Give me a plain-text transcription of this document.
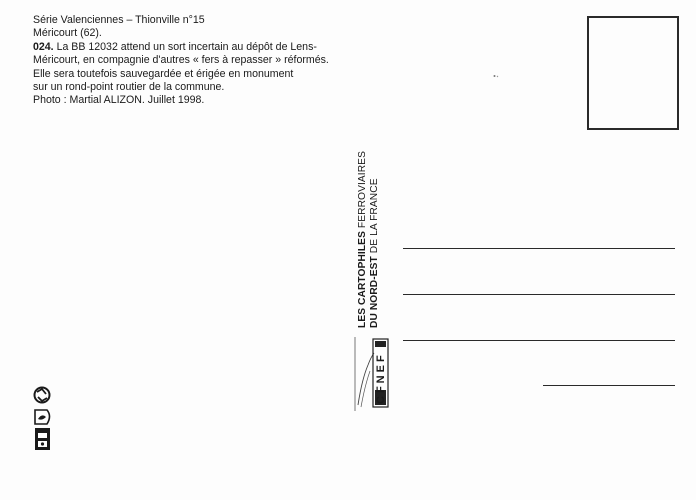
Série Valenciennes – Thionville n°15
Méricourt (62).
024. La BB 12032 attend un sort incertain au dépôt de Lens-
Méricourt, en compagnie d'autres « fers à repasser » réformés.
Elle sera toutefois sauvegardée et érigée en monument
sur un rond-point routier de la commune.
Photo : Martial ALIZON. Juillet 1998.
LES CARTOPHILES FERROVIAIRES
DU NORD-EST DE LA FRANCE
CFNEF
